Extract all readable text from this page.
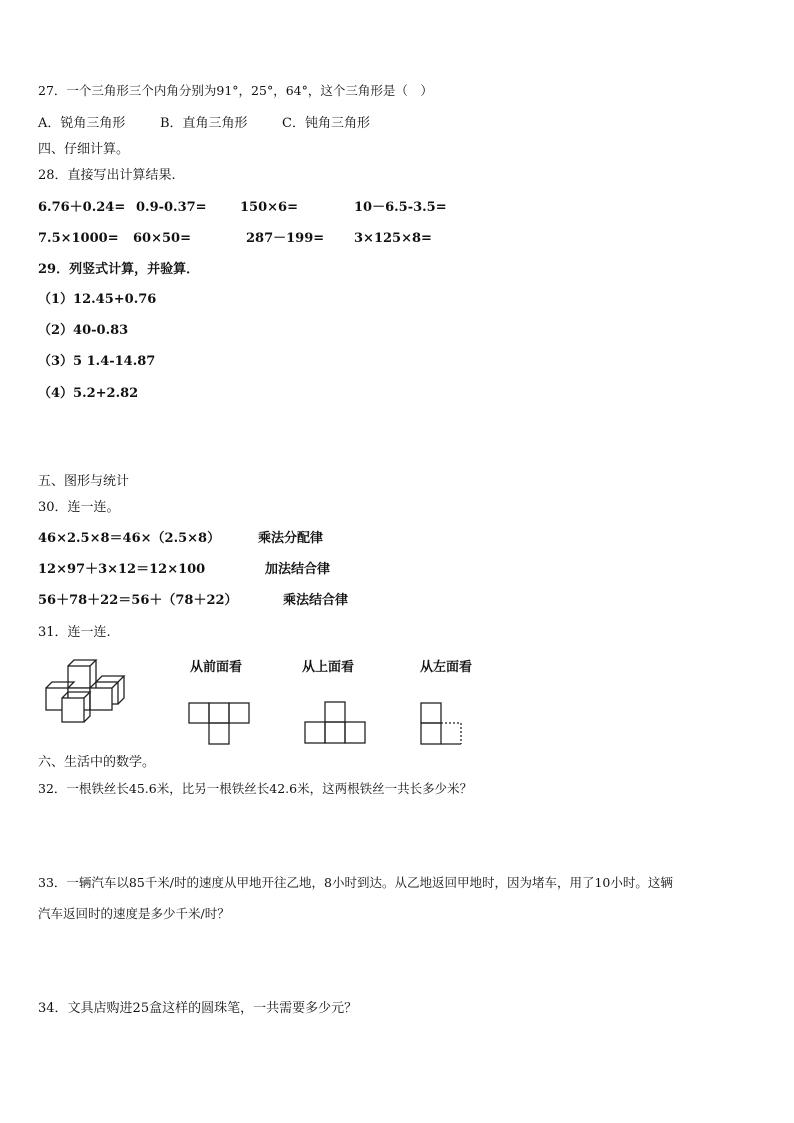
27．一个三角形三个内角分别为91°，25°，64°，这个三角形是（　）
A．锐角三角形	B．直角三角形	C．钝角三角形
四、仔细计算。
28．直接写出计算结果.
6.76＋0.24= 0.9-0.37=	150×6=	10－6.5-3.5=
7.5×1000= 60×50=	287－199= 3×125×8=
29．列竖式计算，并验算．
（1）12.45+0.76
（2）40-0.83
（3）5 1.4-14.87
（4）5.2+2.82
五、图形与统计
30．连一连。
46×2.5×8＝46×（2.5×8）
12×97＋3×12＝12×100
56＋78＋22＝56＋（78＋22）
乘法分配律
加法结合律
乘法结合律
31．连一连.
从前面看	从上面看	从左面看
六、生活中的数学。
32．一根铁丝长45.6米，比另一根铁丝长42.6米，这两根铁丝一共长多少米？
33．一辆汽车以85千米/时的速度从甲地开往乙地，8小时到达。从乙地返回甲地时，因为堵车，用了10小时。这辆
汽车返回时的速度是多少千米/时？
34．文具店购进25盒这样的圆珠笔，一共需要多少元？
